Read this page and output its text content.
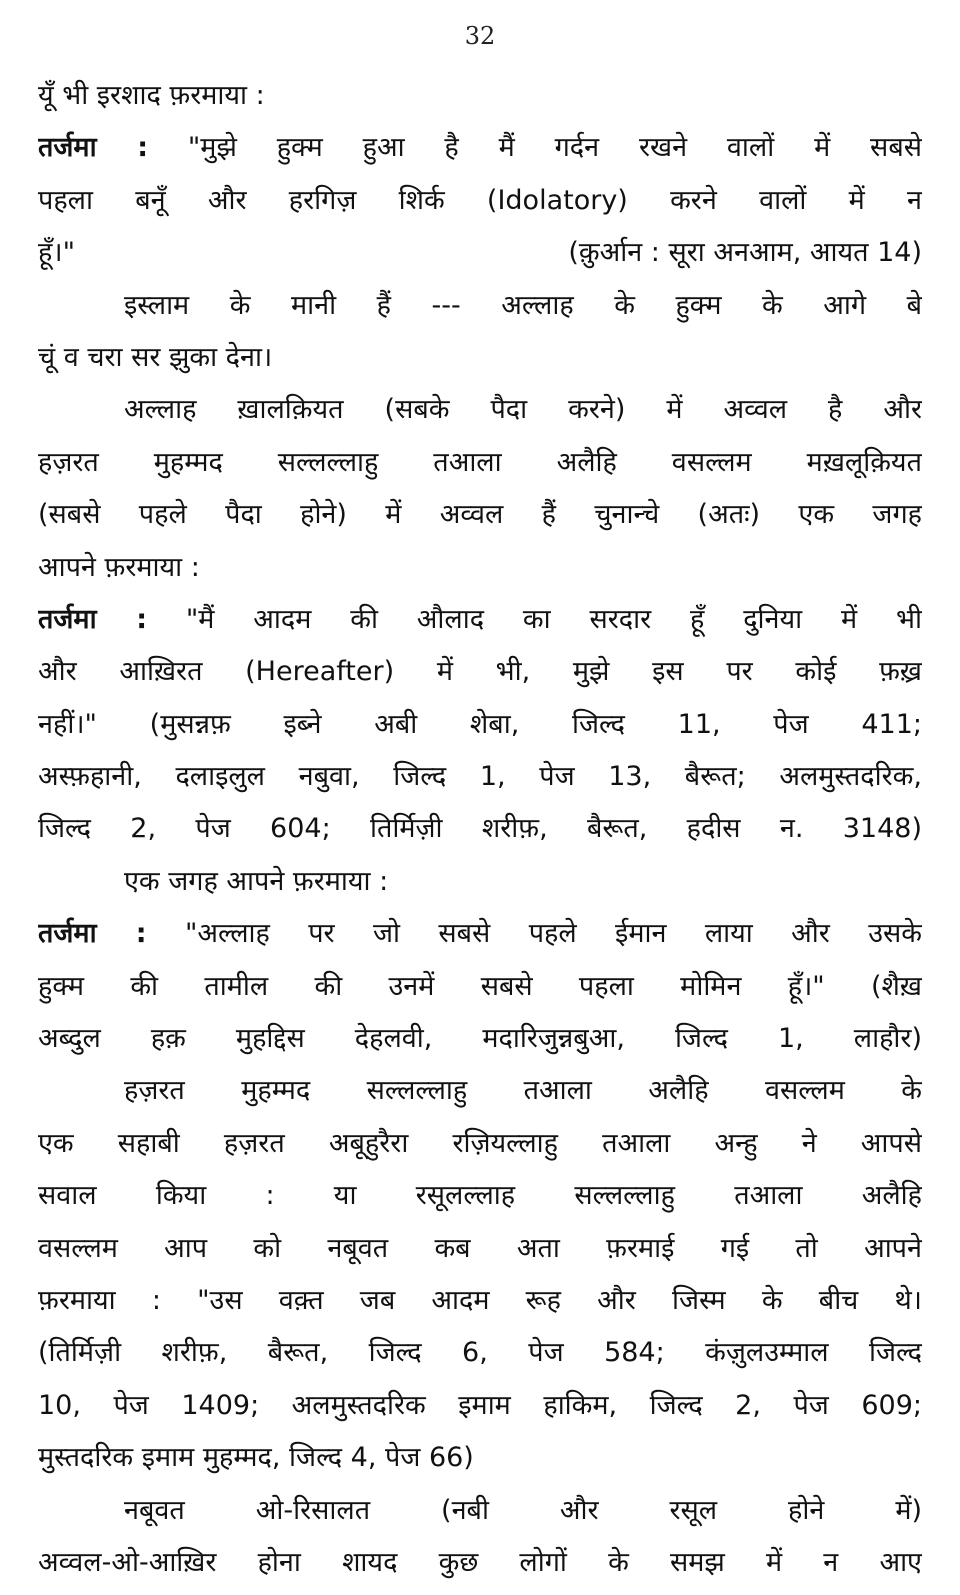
32
यूँ भी इरशाद फ़रमाया :
तर्जमा : "मुझे हुक्म हुआ है मैं गर्दन रखने वालों में सबसे
पहला बनूँ और हरगिज़ शिर्क (Idolatory) करने वालों में न
हूँ।"	(क़ुर्आन : सूरा अनआम, आयत 14)
इस्लाम के मानी हैं --- अल्लाह के हुक्म के आगे बे
चूं व चरा सर झुका देना।
अल्लाह ख़ालक़ियत (सबके पैदा करने) में अव्वल है और
हज़रत मुहम्मद सल्लल्लाहु तआला अलैहि वसल्लम मख़लूक़ियत
(सबसे पहले पैदा होने) में अव्वल हैं चुनान्चे (अतः) एक जगह
आपने फ़रमाया :
तर्जमा : "मैं आदम की औलाद का सरदार हूँ दुनिया में भी
और आख़िरत (Hereafter) में भी, मुझे इस पर कोई फ़ख़्र
नहीं।" (मुसन्नफ़ इब्ने अबी शेबा, जिल्द 11, पेज 411;
अस्फ़हानी, दलाइलुल नबुवा, जिल्द 1, पेज 13, बैरूत; अलमुस्तदरिक,
जिल्द 2, पेज 604; तिर्मिज़ी शरीफ़, बैरूत, हदीस न. 3148)
एक जगह आपने फ़रमाया :
तर्जमा : "अल्लाह पर जो सबसे पहले ईमान लाया और उसके
हुक्म की तामील की उनमें सबसे पहला मोमिन हूँ।" (शैख़
अब्दुल हक़ मुहद्दिस देहलवी, मदारिजुन्नबुआ, जिल्द 1, लाहौर)
हज़रत मुहम्मद सल्लल्लाहु तआला अलैहि वसल्लम के
एक सहाबी हज़रत अबूहुरैरा रज़ियल्लाहु तआला अन्हु ने आपसे
सवाल किया : या रसूलल्लाह सल्लल्लाहु तआला अलैहि
वसल्लम आप को नबूवत कब अता फ़रमाई गई तो आपने
फ़रमाया : "उस वक़्त जब आदम रूह और जिस्म के बीच थे।
(तिर्मिज़ी शरीफ़, बैरूत, जिल्द 6, पेज 584; कंज़ुलउम्माल जिल्द
10, पेज 1409; अलमुस्तदरिक इमाम हाकिम, जिल्द 2, पेज 609;
मुस्तदरिक इमाम मुहम्मद, जिल्द 4, पेज 66)
नबूवत ओ-रिसालत (नबी और रसूल होने में)
अव्वल-ओ-आख़िर होना शायद कुछ लोगों के समझ में न आए
